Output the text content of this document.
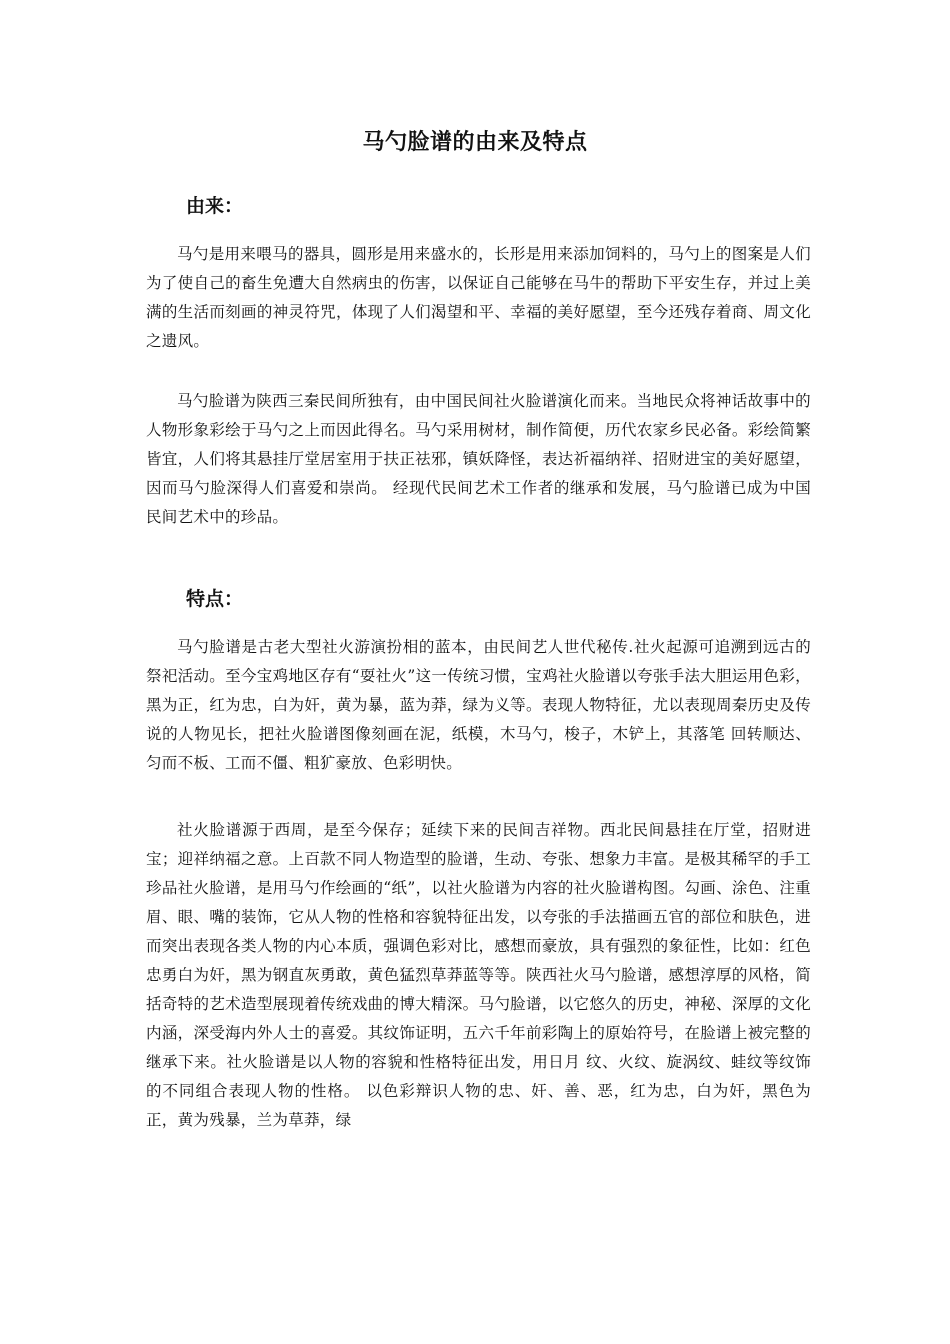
马勺脸谱的由来及特点
由来：

马勺是用来喂马的器具，圆形是用来盛水的，长形是用来添加饲料的，马勺上的图案是人们为了使自己的畜生免遭大自然病虫的伤害，以保证自己能够在马牛的帮助下平安生存，并过上美满的生活而刻画的神灵符咒，体现了人们渴望和平、幸福的美好愿望，至今还残存着商、周文化之遗风。

马勺脸谱为陕西三秦民间所独有，由中国民间社火脸谱演化而来。当地民众将神话故事中的人物形象彩绘于马勺之上而因此得名。马勺采用树材，制作简便，历代农家乡民必备。彩绘简繁皆宜，人们将其悬挂厅堂居室用于扶正祛邪，镇妖降怪，表达祈福纳祥、招财进宝的美好愿望，因而马勺脸深得人们喜爱和崇尚。 经现代民间艺术工作者的继承和发展，马勺脸谱已成为中国民间艺术中的珍品。

特点：

马勺脸谱是古老大型社火游演扮相的蓝本，由民间艺人世代秘传.社火起源可追溯到远古的祭祀活动。至今宝鸡地区存有“耍社火”这一传统习惯，宝鸡社火脸谱以夸张手法大胆运用色彩，黑为正，红为忠，白为奸，黄为暴，蓝为莽，绿为义等。表现人物特征，尤以表现周秦历史及传说的人物见长，把社火脸谱图像刻画在泥，纸模，木马勺，梭子，木铲上，其落笔 回转顺达、匀而不板、工而不僵、粗犷豪放、色彩明快。

社火脸谱源于西周，是至今保存；延续下来的民间吉祥物。西北民间悬挂在厅堂，招财进宝；迎祥纳福之意。上百款不同人物造型的脸谱，生动、夸张、想象力丰富。是极其稀罕的手工珍品社火脸谱，是用马勺作绘画的“纸”，以社火脸谱为内容的社火脸谱构图。勾画、涂色、注重眉、眼、嘴的装饰，它从人物的性格和容貌特征出发，以夸张的手法描画五官的部位和肤色，进而突出表现各类人物的内心本质，强调色彩对比，感想而豪放，具有强烈的象征性，比如：红色忠勇白为奸，黑为钢直灰勇敢，黄色猛烈草莽蓝等等。陕西社火马勺脸谱，感想淳厚的风格，简括奇特的艺术造型展现着传统戏曲的博大精深。马勺脸谱，以它悠久的历史，神秘、深厚的文化内涵，深受海内外人士的喜爱。其纹饰证明，五六千年前彩陶上的原始符号，在脸谱上被完整的继承下来。社火脸谱是以人物的容貌和性格特征出发，用日月 纹、火纹、旋涡纹、蛙纹等纹饰的不同组合表现人物的性格。 以色彩辩识人物的忠、奸、善、恶，红为忠，白为奸，黑色为 正，黄为残暴，兰为草莽，绿
